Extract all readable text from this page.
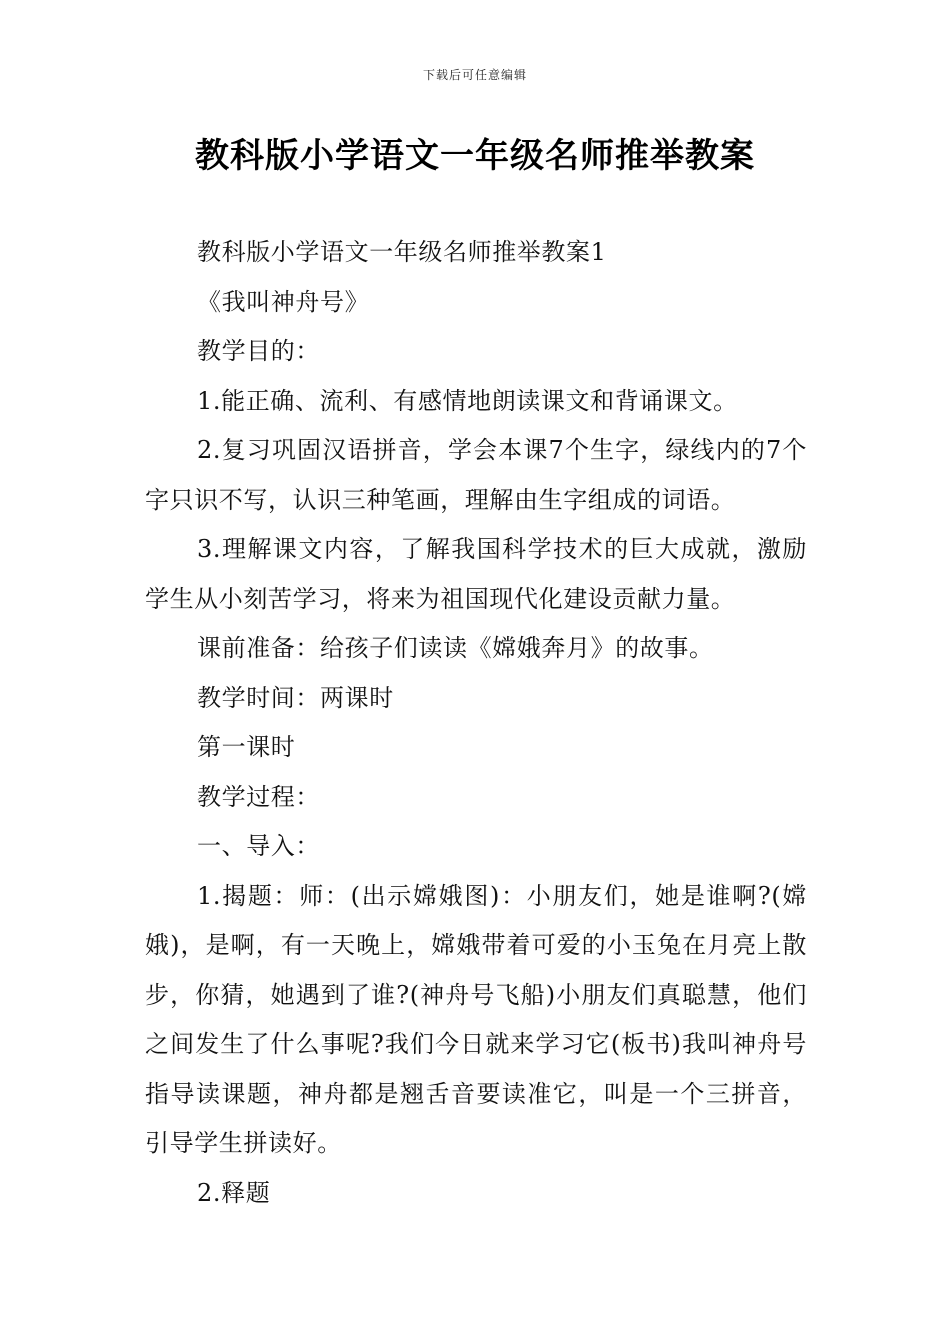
下载后可任意编辑
教科版小学语文一年级名师推举教案

教科版小学语文一年级名师推举教案1

《我叫神舟号》

教学目的：

1.能正确、流利、有感情地朗读课文和背诵课文。

2.复习巩固汉语拼音，学会本课7个生字，绿线内的7个字只识不写，认识三种笔画，理解由生字组成的词语。

3.理解课文内容，了解我国科学技术的巨大成就，激励学生从小刻苦学习，将来为祖国现代化建设贡献力量。

课前准备：给孩子们读读《嫦娥奔月》的故事。

教学时间：两课时

第一课时

教学过程：

一、导入：

1.揭题：师：(出示嫦娥图)：小朋友们，她是谁啊?(嫦娥)，是啊，有一天晚上，嫦娥带着可爱的小玉兔在月亮上散步，你猜，她遇到了谁?(神舟号飞船)小朋友们真聪慧，他们之间发生了什么事呢?我们今日就来学习它(板书)我叫神舟号指导读课题，神舟都是翘舌音要读准它，叫是一个三拼音，引导学生拼读好。

2.释题
